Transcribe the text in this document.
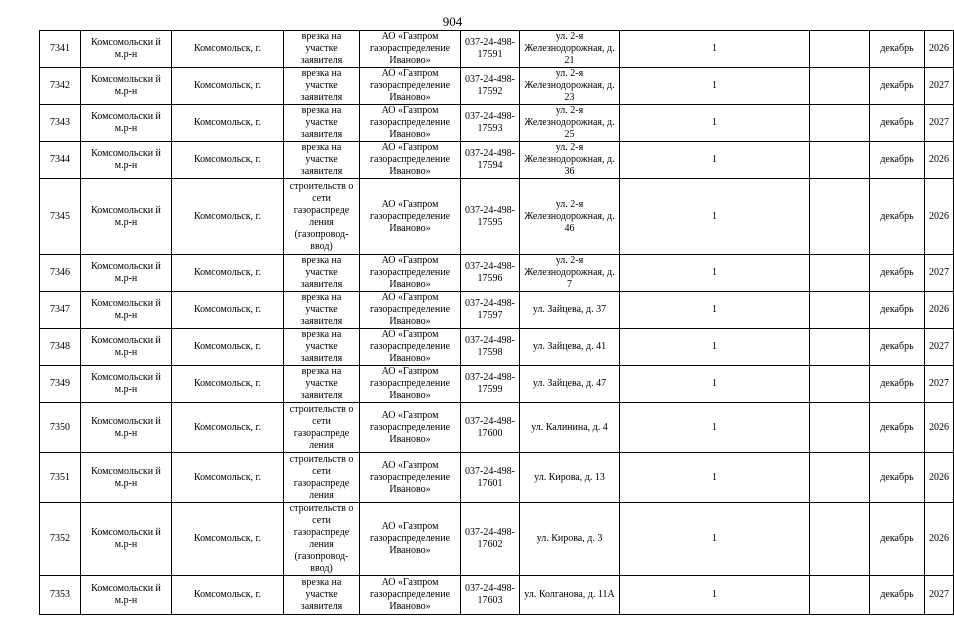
904
7341	Комсомольски й м.р-н	Комсомольск, г.	врезка на участке заявителя	АО «Газпром газораспределение Иваново»	037-24-498-17591	ул. 2-я Железнодорожная, д. 21	1		декабрь	2026
7342	Комсомольски й м.р-н	Комсомольск, г.	врезка на участке заявителя	АО «Газпром газораспределение Иваново»	037-24-498-17592	ул. 2-я Железнодорожная, д. 23	1		декабрь	2027
7343	Комсомольски й м.р-н	Комсомольск, г.	врезка на участке заявителя	АО «Газпром газораспределение Иваново»	037-24-498-17593	ул. 2-я Железнодорожная, д. 25	1		декабрь	2027
7344	Комсомольски й м.р-н	Комсомольск, г.	врезка на участке заявителя	АО «Газпром газораспределение Иваново»	037-24-498-17594	ул. 2-я Железнодорожная, д. 36	1		декабрь	2026
7345	Комсомольски й м.р-н	Комсомольск, г.	строительств о сети газораспреде ления (газопровод-ввод)	АО «Газпром газораспределение Иваново»	037-24-498-17595	ул. 2-я Железнодорожная, д. 46	1		декабрь	2026
7346	Комсомольски й м.р-н	Комсомольск, г.	врезка на участке заявителя	АО «Газпром газораспределение Иваново»	037-24-498-17596	ул. 2-я Железнодорожная, д. 7	1		декабрь	2027
7347	Комсомольски й м.р-н	Комсомольск, г.	врезка на участке заявителя	АО «Газпром газораспределение Иваново»	037-24-498-17597	ул. Зайцева, д. 37	1		декабрь	2026
7348	Комсомольски й м.р-н	Комсомольск, г.	врезка на участке заявителя	АО «Газпром газораспределение Иваново»	037-24-498-17598	ул. Зайцева, д. 41	1		декабрь	2027
7349	Комсомольски й м.р-н	Комсомольск, г.	врезка на участке заявителя	АО «Газпром газораспределение Иваново»	037-24-498-17599	ул. Зайцева, д. 47	1		декабрь	2027
7350	Комсомольски й м.р-н	Комсомольск, г.	строительств о сети газораспреде ления	АО «Газпром газораспределение Иваново»	037-24-498-17600	ул. Калинина, д. 4	1		декабрь	2026
7351	Комсомольски й м.р-н	Комсомольск, г.	строительств о сети газораспреде ления	АО «Газпром газораспределение Иваново»	037-24-498-17601	ул. Кирова, д. 13	1		декабрь	2026
7352	Комсомольски й м.р-н	Комсомольск, г.	строительств о сети газораспреде ления (газопровод-ввод)	АО «Газпром газораспределение Иваново»	037-24-498-17602	ул. Кирова, д. 3	1		декабрь	2026
7353	Комсомольски й м.р-н	Комсомольск, г.	врезка на участке заявителя	АО «Газпром газораспределение Иваново»	037-24-498-17603	ул. Колганова, д. 11А	1		декабрь	2027
